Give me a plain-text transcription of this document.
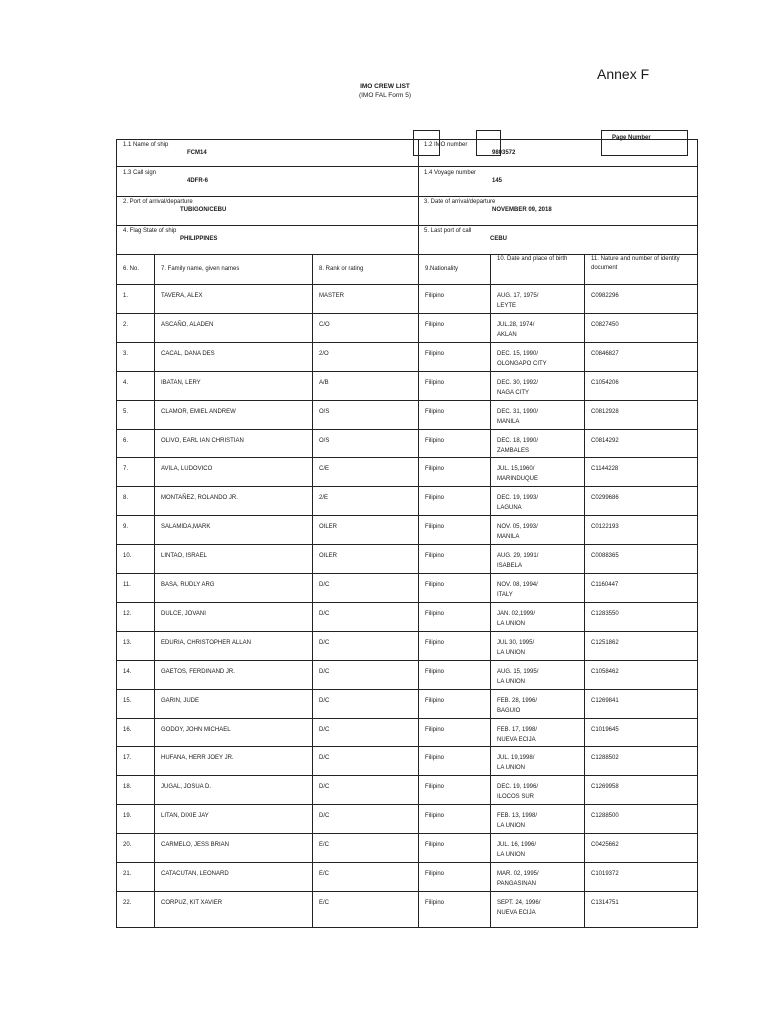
Annex F
IMO CREW LIST
(IMO FAL Form 5)
Page Number
1.1 Name of ship
FCM14
1.2 IMO number
9803572
1.3 Call sign
4DFR-6
1.4 Voyage number
145
2. Port of arrival/departure
TUBIGON/CEBU
3. Date of arrival/departure
NOVEMBER 09, 2018
4. Flag State of ship
PHILIPPINES
5. Last port of call
CEBU
6. No.	7. Family name, given names	8. Rank or rating	9.Nationality
10. Date and place of birth	11. Nature and number of identity document
1.	TAVERA, ALEX	MASTER	Filipino	AUG. 17, 1975/	C0982296
LEYTE
2.	ASCAÑO, ALADEN	C/O	Filipino	JUL.28, 1974/	C0827450
AKLAN
3.	CACAL, DANA DES	2/O	Filipino	DEC. 15, 1990/	C0846827
OLONGAPO CITY
4.	IBATAN, LERY	A/B	Filipino	DEC. 30, 1992/	C1054206
NAGA CITY
5.	CLAMOR, EMIEL ANDREW	O/S	Filipino	DEC. 31, 1990/	C0812928
MANILA
6.	OLIVO, EARL IAN CHRISTIAN	O/S	Filipino	DEC. 18, 1990/	C0814292
ZAMBALES
7.	AVILA, LUDOVICO	C/E	Filipino	JUL. 15,1960/	C1144228
MARINDUQUE
8.	MONTAÑEZ, ROLANDO JR.	2/E	Filipino	DEC. 19, 1993/	C0299686
LAGUNA
9.	SALAMIDA,MARK	OILER	Filipino	NOV. 05, 1993/	C0122193
MANILA
10.	LINTAO, ISRAEL	OILER	Filipino	AUG. 29, 1991/	C0088365
ISABELA
11.	BASA, RUDLY ARG	D/C	Filipino	NOV. 08, 1994/	C1160447
ITALY
12.	DULCE, JOVANI	D/C	Filipino	JAN. 02,1999/	C1283550
LA UNION
13.	EDURIA, CHRISTOPHER ALLAN	D/C	Filipino	JUL 30, 1995/	C1251862
LA UNION
14.	GAETOS, FERDINAND JR.	D/C	Filipino	AUG. 15, 1995/	C1058462
LA UNION
15.	GARIN, JUDE	D/C	Filipino	FEB. 28, 1996/	C1269841
BAGUIO
16.	GODOY, JOHN MICHAEL	D/C	Filipino	FEB. 17, 1998/	C1019645
NUEVA ECIJA
17.	HUFANA, HERR JOEY JR.	D/C	Filipino	JUL. 19,1998/	C1288502
LA UNION
18.	JUGAL, JOSUA D.	D/C	Filipino	DEC. 19, 1996/	C1269958
ILOCOS SUR
19.	LITAN, DIXIE JAY	D/C	Filipino	FEB. 13, 1998/	C1288500
LA UNION
20.	CARMELO, JESS BRIAN	E/C	Filipino	JUL. 16, 1996/	C0425662
LA UNION
21.	CATACUTAN, LEONARD	E/C	Filipino	MAR. 02, 1995/	C1019372
PANGASINAN
22.	CORPUZ, KIT XAVIER	E/C	Filipino	SEPT. 24, 1996/	C1314751
NUEVA ECIJA
